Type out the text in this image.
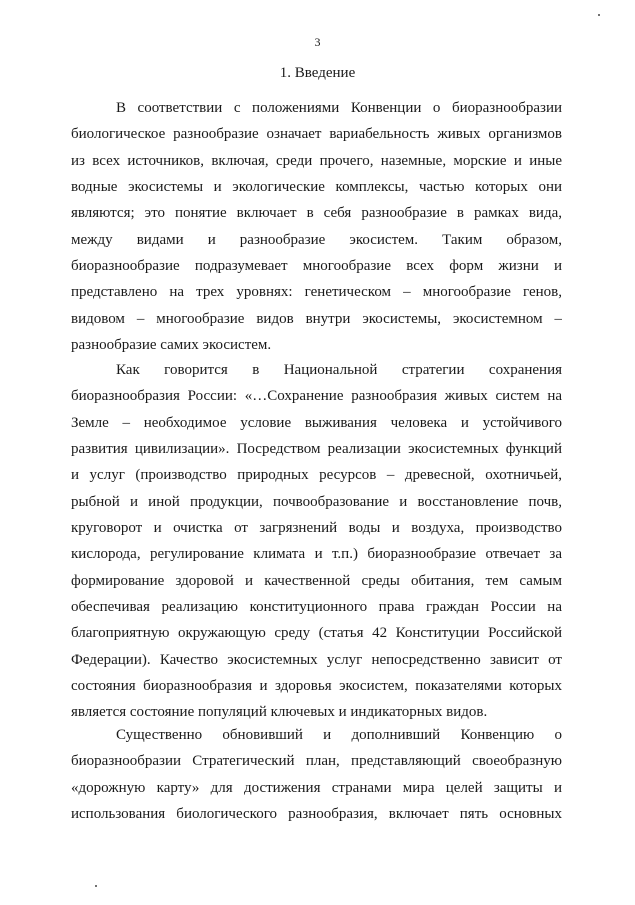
3
1. Введение
В соответствии с положениями Конвенции о биоразнообразии
биологическое разнообразие означает вариабельность живых организмов
из всех источников, включая, среди прочего, наземные, морские и иные
водные экосистемы и экологические комплексы, частью которых они
являются; это понятие включает в себя разнообразие в рамках вида,
между видами и разнообразие экосистем. Таким образом,
биоразнообразие подразумевает многообразие всех форм жизни и
представлено на трех уровнях: генетическом – многообразие генов,
видовом – многообразие видов внутри экосистемы, экосистемном –
разнообразие самих экосистем.
Как говорится в Национальной стратегии сохранения
биоразнообразия России: «…Сохранение разнообразия живых систем на
Земле – необходимое условие выживания человека и устойчивого
развития цивилизации». Посредством реализации экосистемных функций
и услуг (производство природных ресурсов – древесной, охотничьей,
рыбной и иной продукции, почвообразование и восстановление почв,
круговорот и очистка от загрязнений воды и воздуха, производство
кислорода, регулирование климата и т.п.) биоразнообразие отвечает за
формирование здоровой и качественной среды обитания, тем самым
обеспечивая реализацию конституционного права граждан России на
благоприятную окружающую среду (статья 42 Конституции Российской
Федерации). Качество экосистемных услуг непосредственно зависит от
состояния биоразнообразия и здоровья экосистем, показателями которых
является состояние популяций ключевых и индикаторных видов.
Существенно обновивший и дополнивший Конвенцию о
биоразнообразии Стратегический план, представляющий своеобразную
«дорожную карту» для достижения странами мира целей защиты и
использования биологического разнообразия, включает пять основных
